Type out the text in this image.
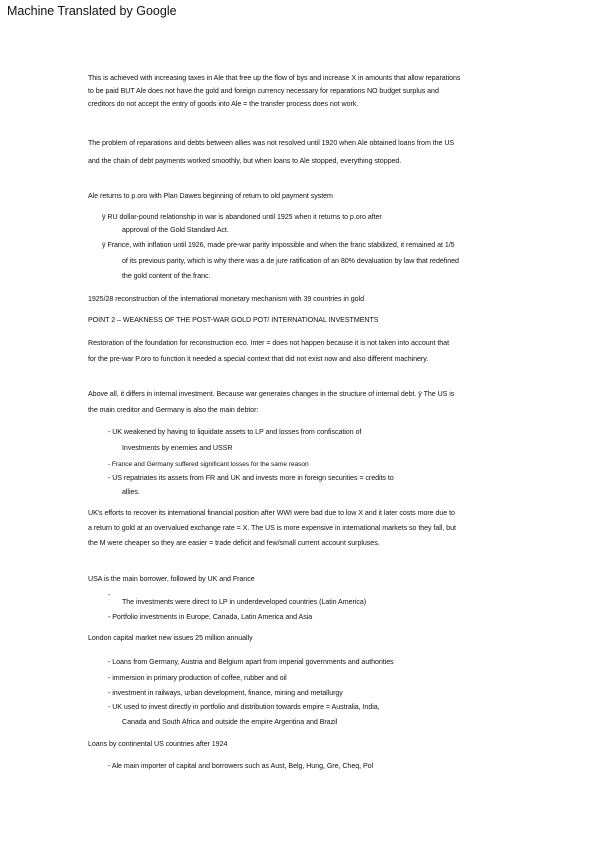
Machine Translated by Google
This is achieved with increasing taxes in Ale that free up the flow of bys and increase X in amounts that allow reparations
to be paid BUT Ale does not have the gold and foreign currency necessary for reparations NO budget surplus and
creditors do not accept the entry of goods into Ale = the transfer process does not work.
The problem of reparations and debts between allies was not resolved until 1920 when Ale obtained loans from the US
and the chain of debt payments worked smoothly, but when loans to Ale stopped, everything stopped.
Ale returns to p.oro with Plan Dawes beginning of return to old payment system
ÿ RU dollar-pound relationship in war is abandoned until 1925 when it returns to p.oro after
approval of the Gold Standard Act.
ÿ France, with inflation until 1926, made pre-war parity impossible and when the franc stabilized, it remained at 1/5
of its previous parity, which is why there was a de jure ratification of an 80% devaluation by law that redefined
the gold content of the franc.
1925/28 reconstruction of the international monetary mechanism with 39 countries in gold
POINT 2 – WEAKNESS OF THE POST-WAR GOLD POT/ INTERNATIONAL INVESTMENTS
Restoration of the foundation for reconstruction eco. Inter = does not happen because it is not taken into account that
for the pre-war P.oro to function it needed a special context that did not exist now and also different machinery.
Above all, it differs in internal investment. Because war generates changes in the structure of internal debt. ÿ The US is
the main creditor and Germany is also the main debtor:
- UK weakened by having to liquidate assets to LP and losses from confiscation of
Investments by enemies and USSR
- France and Germany suffered significant losses for the same reason
- US repatriates its assets from FR and UK and invests more in foreign securities = credits to
allies.
UK's efforts to recover its international financial position after WWI were bad due to low X and it later costs more due to
a return to gold at an overvalued exchange rate = X. The US is more expensive in international markets so they fall, but
the M were cheaper so they are easier = trade deficit and few/small current account surpluses.
USA is the main borrower, followed by UK and France
-
The investments were direct to LP in underdeveloped countries (Latin America)
- Portfolio investments in Europe, Canada, Latin America and Asia
London capital market new issues 25 million annually
- Loans from Germany, Austria and Belgium apart from imperial governments and authorities
- immersion in primary production of coffee, rubber and oil
- investment in railways, urban development, finance, mining and metallurgy
- UK used to invest directly in portfolio and distribution towards empire = Australia, India,
Canada and South Africa and outside the empire Argentina and Brazil
Loans by continental US countries after 1924
- Ale main importer of capital and borrowers such as Aust, Belg, Hung, Gre, Cheq, Pol
